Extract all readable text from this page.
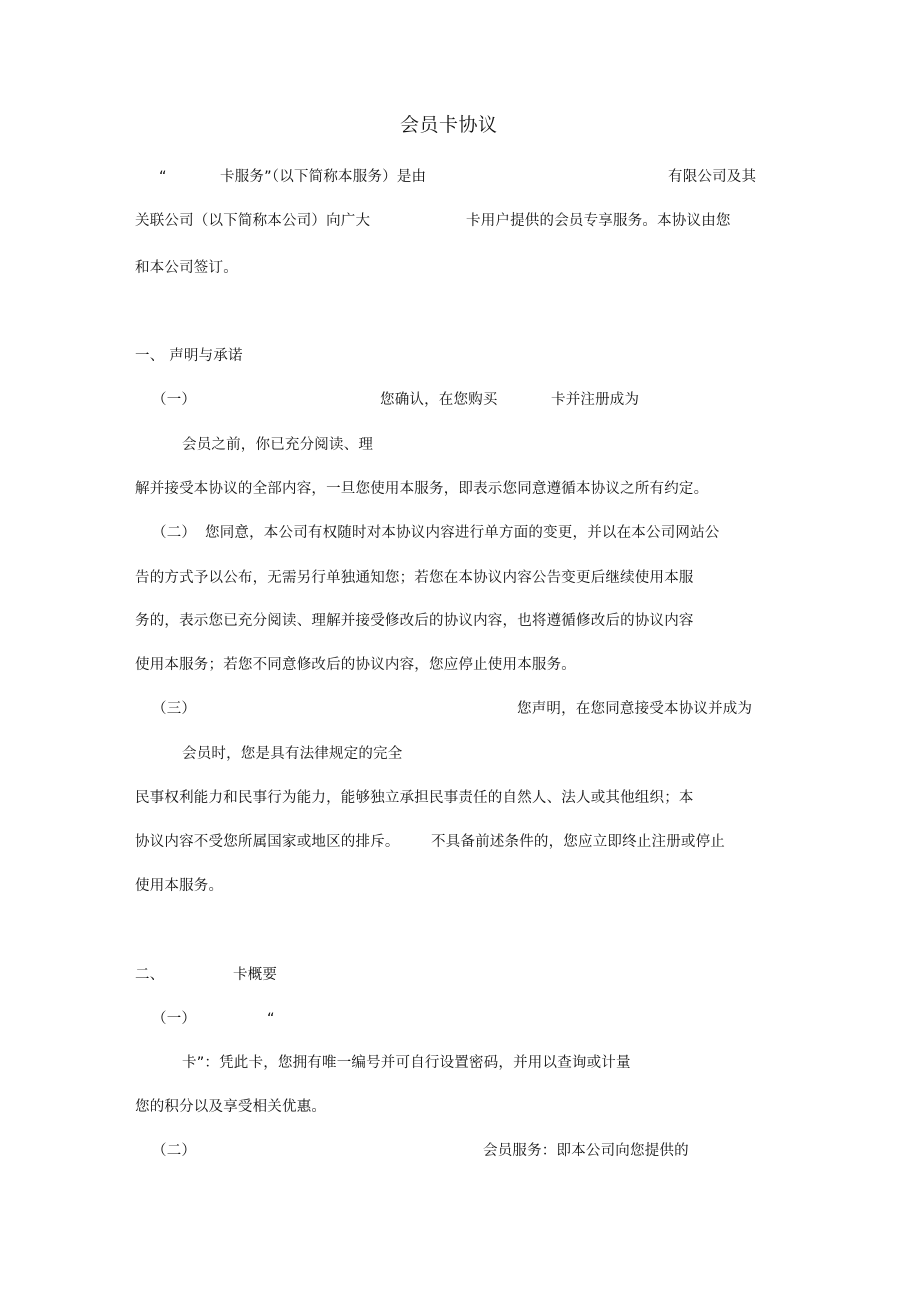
会员卡协议
“	卡服务”（以下简称本服务）是由	有限公司及其
关联公司（以下简称本公司）向广大	卡用户提供的会员专享服务。本协议由您
和本公司签订。
一、 声明与承诺
（一）	您确认，在您购买	卡并注册成为
会员之前，你已充分阅读、理
解并接受本协议的全部内容，一旦您使用本服务，即表示您同意遵循本协议之所有约定。
（二） 您同意，本公司有权随时对本协议内容进行单方面的变更，并以在本公司网站公
告的方式予以公布，无需另行单独通知您；若您在本协议内容公告变更后继续使用本服
务的，表示您已充分阅读、理解并接受修改后的协议内容，也将遵循修改后的协议内容
使用本服务；若您不同意修改后的协议内容，您应停止使用本服务。
（三）	您声明，在您同意接受本协议并成为
会员时，您是具有法律规定的完全
民事权利能力和民事行为能力，能够独立承担民事责任的自然人、法人或其他组织；本
协议内容不受您所属国家或地区的排斥。 不具备前述条件的，您应立即终止注册或停止
使用本服务。
二、	卡概要
（一）	“
卡”：凭此卡，您拥有唯一编号并可自行设置密码，并用以查询或计量
您的积分以及享受相关优惠。
（二）	会员服务：即本公司向您提供的
